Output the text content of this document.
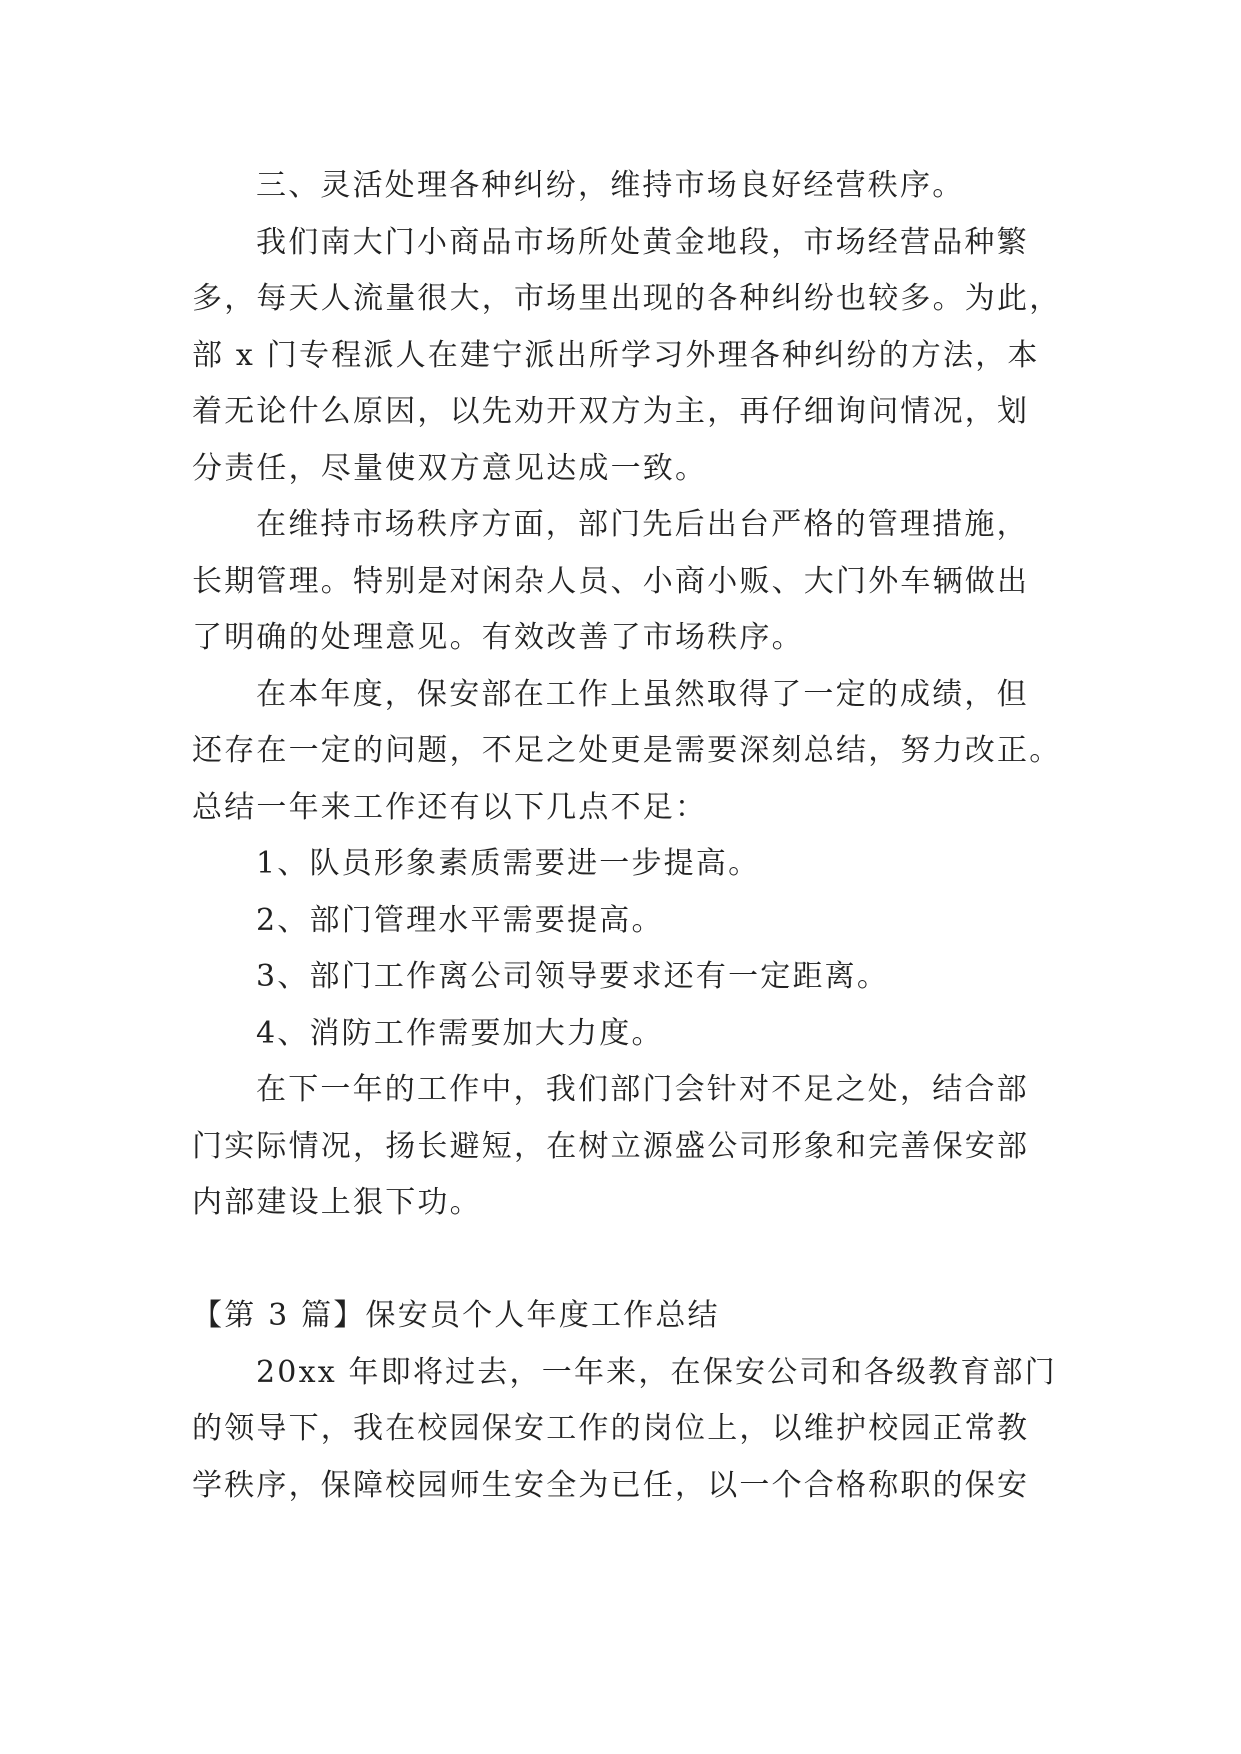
三、灵活处理各种纠纷，维持市场良好经营秩序。
我们南大门小商品市场所处黄金地段，市场经营品种繁
多，每天人流量很大，市场里出现的各种纠纷也较多。为此，
部 x 门专程派人在建宁派出所学习外理各种纠纷的方法，本
着无论什么原因，以先劝开双方为主，再仔细询问情况，划
分责任，尽量使双方意见达成一致。
在维持市场秩序方面，部门先后出台严格的管理措施，
长期管理。特别是对闲杂人员、小商小贩、大门外车辆做出
了明确的处理意见。有效改善了市场秩序。
在本年度，保安部在工作上虽然取得了一定的成绩，但
还存在一定的问题，不足之处更是需要深刻总结，努力改正。
总结一年来工作还有以下几点不足：
1、队员形象素质需要进一步提高。
2、部门管理水平需要提高。
3、部门工作离公司领导要求还有一定距离。
4、消防工作需要加大力度。
在下一年的工作中，我们部门会针对不足之处，结合部
门实际情况，扬长避短，在树立源盛公司形象和完善保安部
内部建设上狠下功。
【第 3 篇】保安员个人年度工作总结
20xx 年即将过去，一年来，在保安公司和各级教育部门
的领导下，我在校园保安工作的岗位上，以维护校园正常教
学秩序，保障校园师生安全为已任，以一个合格称职的保安
